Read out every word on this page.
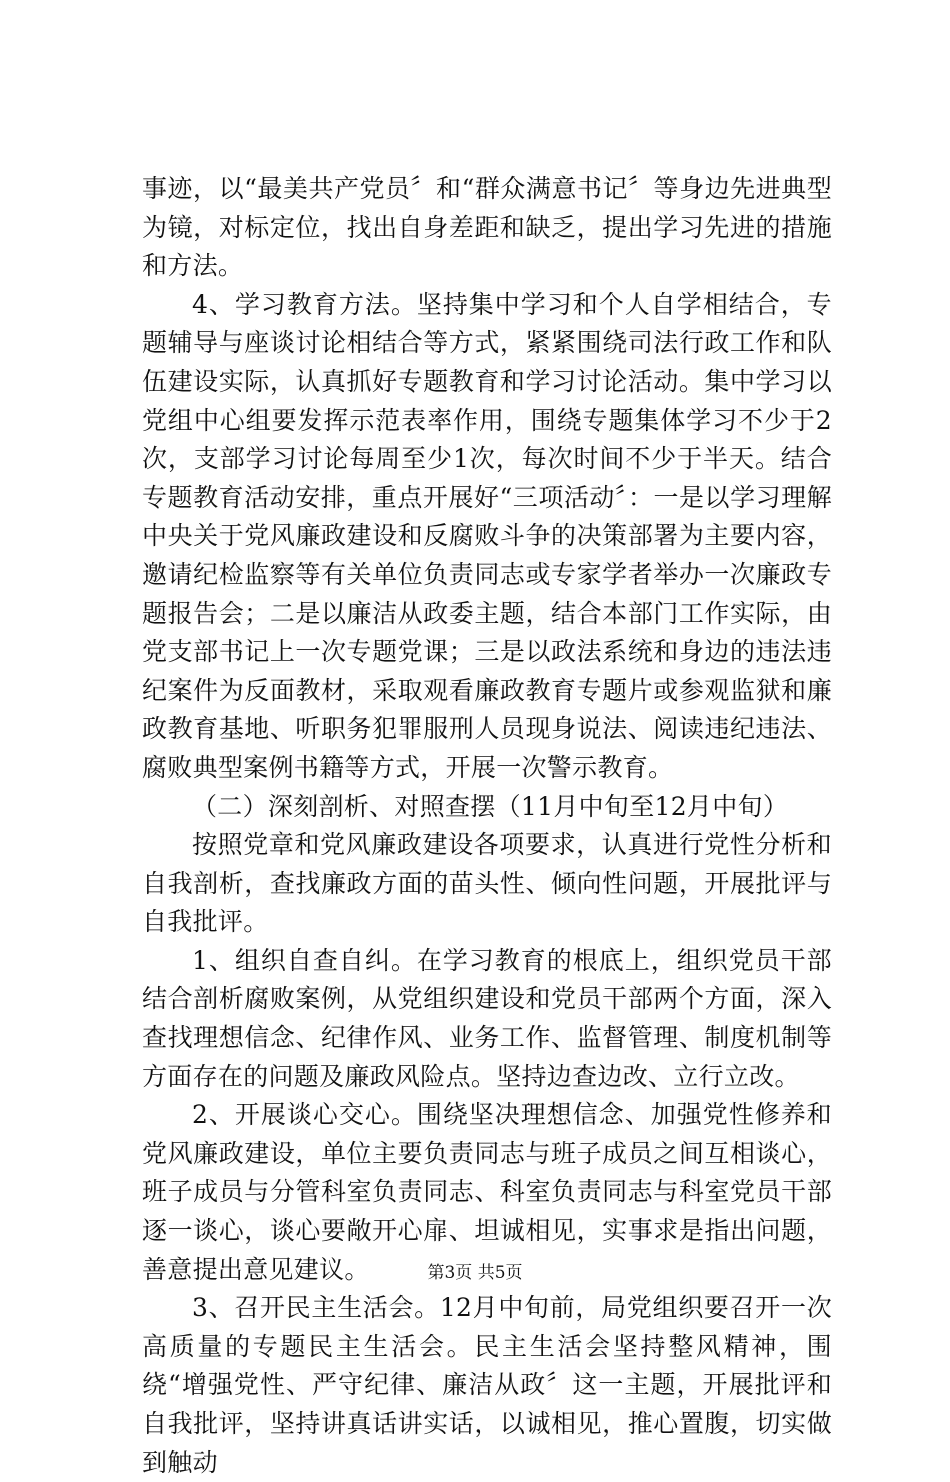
事迹，以“最美共产党员〞和“群众满意书记〞等身边先进典型为镜，对标定位，找出自身差距和缺乏，提出学习先进的措施和方法。

4、学习教育方法。坚持集中学习和个人自学相结合，专题辅导与座谈讨论相结合等方式，紧紧围绕司法行政工作和队伍建设实际，认真抓好专题教育和学习讨论活动。集中学习以党组中心组要发挥示范表率作用，围绕专题集体学习不少于2次，支部学习讨论每周至少1次，每次时间不少于半天。结合专题教育活动安排，重点开展好“三项活动〞：一是以学习理解中央关于党风廉政建设和反腐败斗争的决策部署为主要内容，邀请纪检监察等有关单位负责同志或专家学者举办一次廉政专题报告会；二是以廉洁从政委主题，结合本部门工作实际，由党支部书记上一次专题党课；三是以政法系统和身边的违法违纪案件为反面教材，采取观看廉政教育专题片或参观监狱和廉政教育基地、听职务犯罪服刑人员现身说法、阅读违纪违法、腐败典型案例书籍等方式，开展一次警示教育。

（二）深刻剖析、对照查摆（11月中旬至12月中旬）

按照党章和党风廉政建设各项要求，认真进行党性分析和自我剖析，查找廉政方面的苗头性、倾向性问题，开展批评与自我批评。

1、组织自查自纠。在学习教育的根底上，组织党员干部结合剖析腐败案例，从党组织建设和党员干部两个方面，深入查找理想信念、纪律作风、业务工作、监督管理、制度机制等方面存在的问题及廉政风险点。坚持边查边改、立行立改。

2、开展谈心交心。围绕坚决理想信念、加强党性修养和党风廉政建设，单位主要负责同志与班子成员之间互相谈心，班子成员与分管科室负责同志、科室负责同志与科室党员干部逐一谈心，谈心要敞开心扉、坦诚相见，实事求是指出问题，善意提出意见建议。

3、召开民主生活会。12月中旬前，局党组织要召开一次高质量的专题民主生活会。民主生活会坚持整风精神，围绕“增强党性、严守纪律、廉洁从政〞这一主题，开展批评和自我批评，坚持讲真话讲实话，以诚相见，推心置腹，切实做到触动

第3页 共5页
